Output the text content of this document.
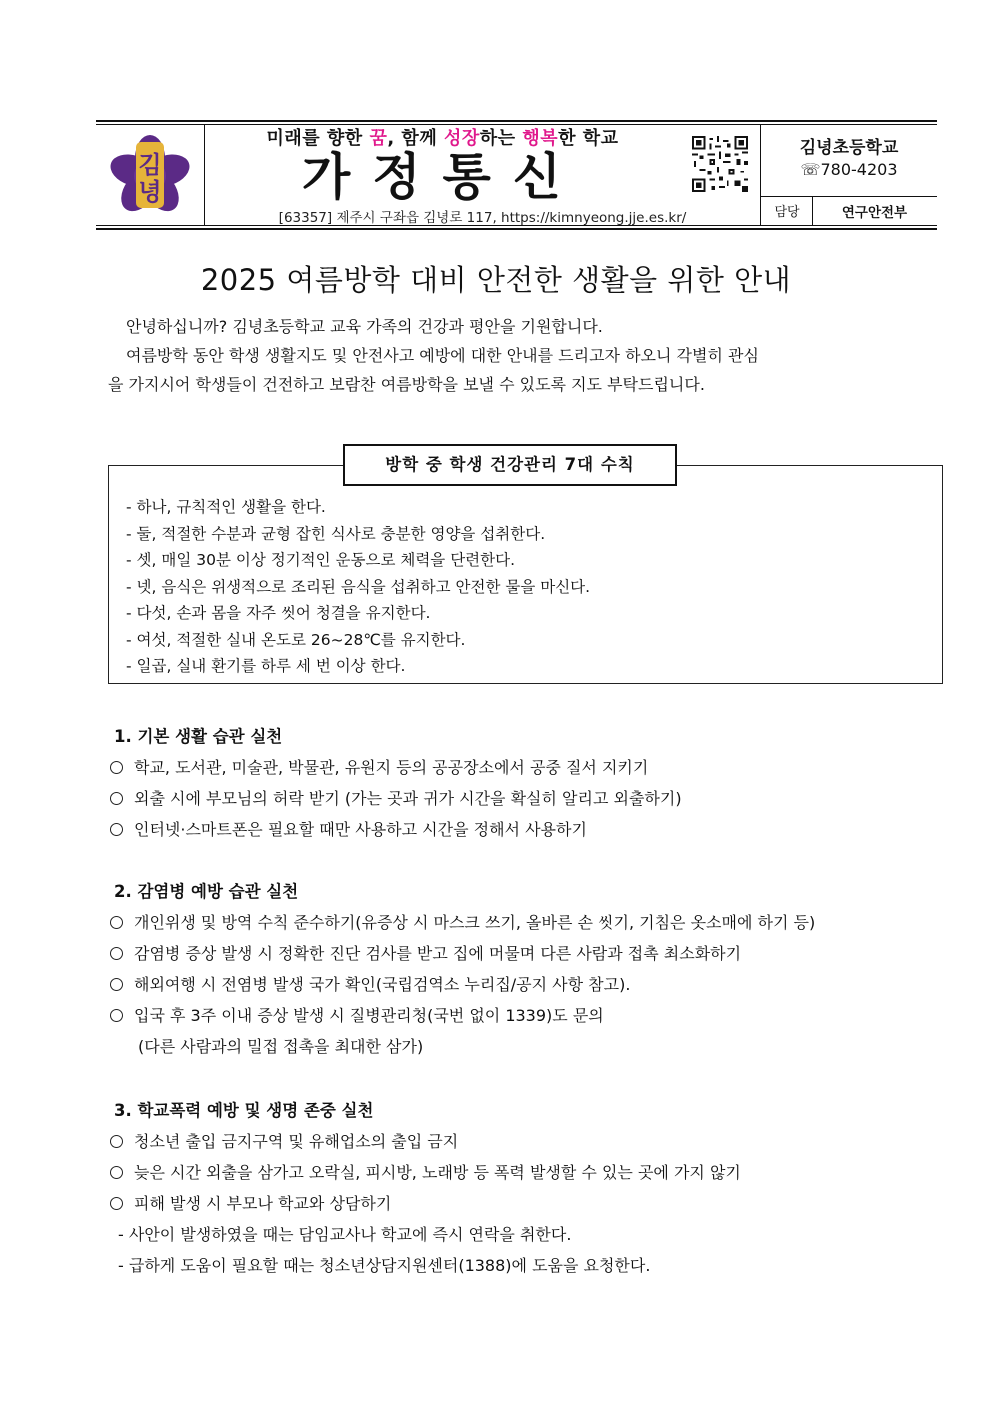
김
녕
미래를 향한 꿈, 함께 성장하는 행복한 학교
가정통신
[63357] 제주시 구좌읍 김녕로 117, https://kimnyeong.jje.es.kr/
김녕초등학교
☏780-4203
담당	연구안전부
2025 여름방학 대비 안전한 생활을 위한 안내

안녕하십니까? 김녕초등학교 교육 가족의 건강과 평안을 기원합니다.

여름방학 동안 학생 생활지도 및 안전사고 예방에 대한 안내를 드리고자 하오니 각별히 관심

을 가지시어 학생들이 건전하고 보람찬 여름방학을 보낼 수 있도록 지도 부탁드립니다.

방학 중 학생 건강관리 7대 수칙
- 하나, 규칙적인 생활을 한다.
- 둘, 적절한 수분과 균형 잡힌 식사로 충분한 영양을 섭취한다.
- 셋, 매일 30분 이상 정기적인 운동으로 체력을 단련한다.
- 넷, 음식은 위생적으로 조리된 음식을 섭취하고 안전한 물을 마신다.
- 다섯, 손과 몸을 자주 씻어 청결을 유지한다.
- 여섯, 적절한 실내 온도로 26~28℃를 유지한다.
- 일곱, 실내 환기를 하루 세 번 이상 한다.
1. 기본 생활 습관 실천
학교, 도서관, 미술관, 박물관, 유원지 등의 공공장소에서 공중 질서 지키기
외출 시에 부모님의 허락 받기 (가는 곳과 귀가 시간을 확실히 알리고 외출하기)
인터넷·스마트폰은 필요할 때만 사용하고 시간을 정해서 사용하기
2. 감염병 예방 습관 실천
개인위생 및 방역 수칙 준수하기(유증상 시 마스크 쓰기, 올바른 손 씻기, 기침은 옷소매에 하기 등)
감염병 증상 발생 시 정확한 진단 검사를 받고 집에 머물며 다른 사람과 접촉 최소화하기
해외여행 시 전염병 발생 국가 확인(국립검역소 누리집/공지 사항 참고).
입국 후 3주 이내 증상 발생 시 질병관리청(국번 없이 1339)도 문의
(다른 사람과의 밀접 접촉을 최대한 삼가)
3. 학교폭력 예방 및 생명 존중 실천
청소년 출입 금지구역 및 유해업소의 출입 금지
늦은 시간 외출을 삼가고 오락실, 피시방, 노래방 등 폭력 발생할 수 있는 곳에 가지 않기
피해 발생 시 부모나 학교와 상담하기
- 사안이 발생하였을 때는 담임교사나 학교에 즉시 연락을 취한다.
- 급하게 도움이 필요할 때는 청소년상담지원센터(1388)에 도움을 요청한다.
